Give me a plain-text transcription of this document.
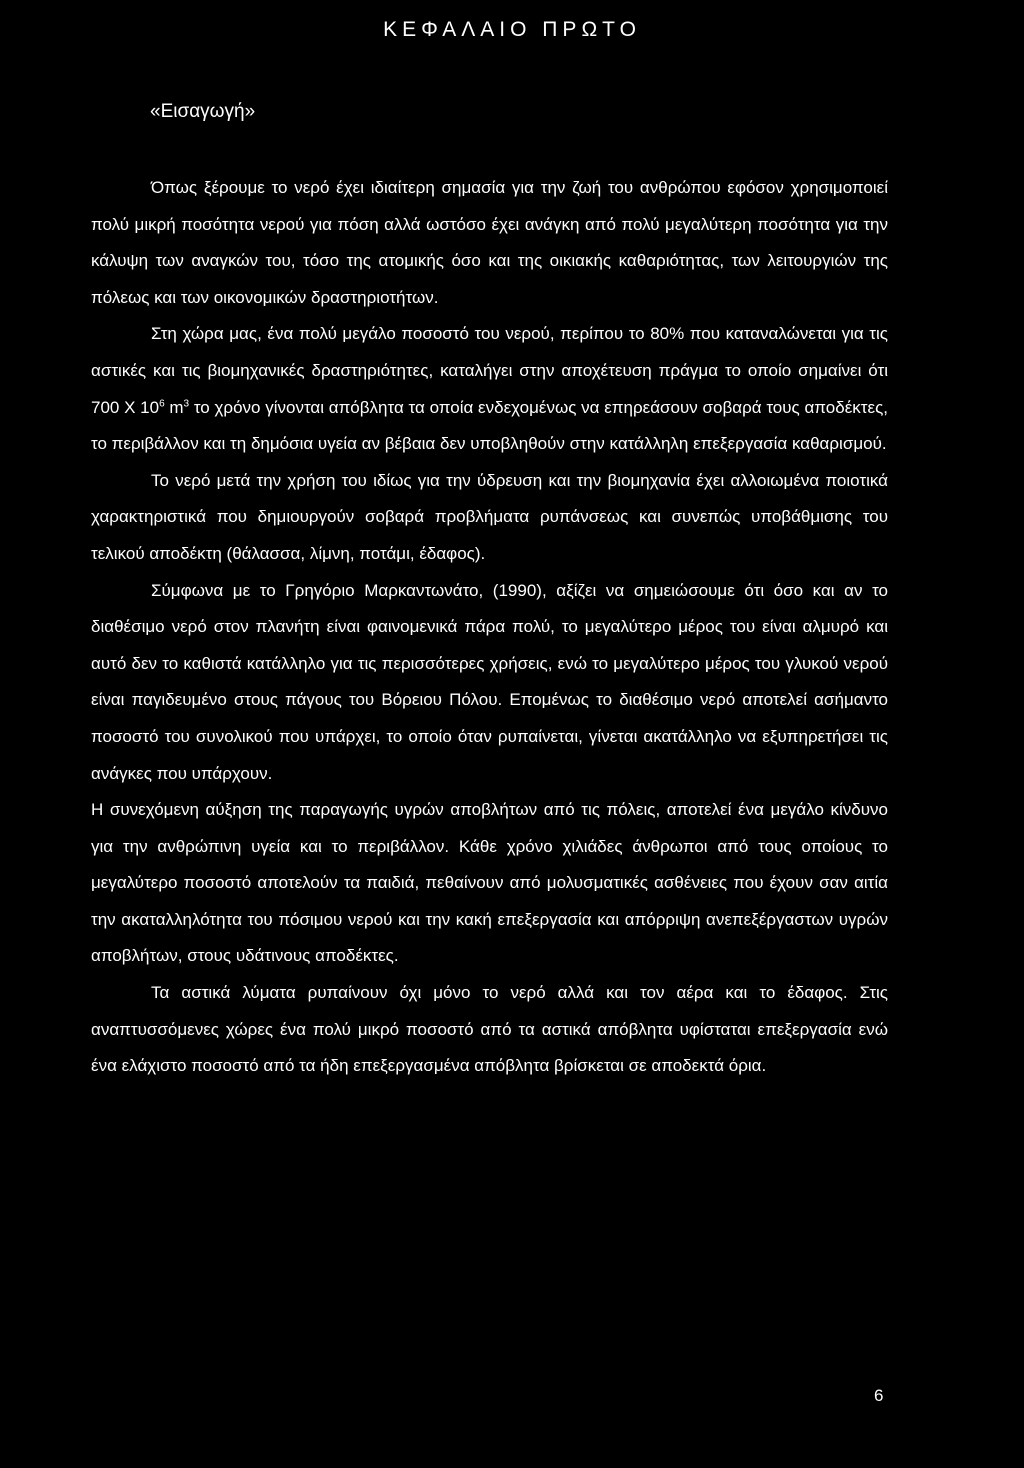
ΚΕΦΑΛΑΙΟ ΠΡΩΤΟ
«Εισαγωγή»

Όπως ξέρουμε το νερό έχει ιδιαίτερη σημασία για την ζωή του ανθρώπου εφόσον χρησιμοποιεί πολύ μικρή ποσότητα νερού για πόση αλλά ωστόσο έχει ανάγκη από πολύ μεγαλύτερη ποσότητα για την κάλυψη των αναγκών του, τόσο της ατομικής όσο και της οικιακής καθαριότητας, των λειτουργιών της πόλεως και των οικονομικών δραστηριοτήτων.

Στη χώρα μας, ένα πολύ μεγάλο ποσοστό του νερού, περίπου το 80% που καταναλώνεται για τις αστικές και τις βιομηχανικές δραστηριότητες, καταλήγει στην αποχέτευση πράγμα το οποίο σημαίνει ότι 700 X $10^6$ $m^3$ το χρόνο γίνονται απόβλητα τα οποία ενδεχομένως να επηρεάσουν σοβαρά τους αποδέκτες, το περιβάλλον και τη δημόσια υγεία αν βέβαια δεν υποβληθούν στην κατάλληλη επεξεργασία καθαρισμού.

Το νερό μετά την χρήση του ιδίως για την ύδρευση και την βιομηχανία έχει αλλοιωμένα ποιοτικά χαρακτηριστικά που δημιουργούν σοβαρά προβλήματα ρυπάνσεως και συνεπώς υποβάθμισης του τελικού αποδέκτη (θάλασσα, λίμνη, ποτάμι, έδαφος).

Σύμφωνα με το Γρηγόριο Μαρκαντωνάτο, (1990), αξίζει να σημειώσουμε ότι όσο και αν το διαθέσιμο νερό στον πλανήτη είναι φαινομενικά πάρα πολύ, το μεγαλύτερο μέρος του είναι αλμυρό και αυτό δεν το καθιστά κατάλληλο για τις περισσότερες χρήσεις, ενώ το μεγαλύτερο μέρος του γλυκού νερού είναι παγιδευμένο στους πάγους του Βόρειου Πόλου. Επομένως το διαθέσιμο νερό αποτελεί ασήμαντο ποσοστό του συνολικού που υπάρχει, το οποίο όταν ρυπαίνεται, γίνεται ακατάλληλο να εξυπηρετήσει τις ανάγκες που υπάρχουν.

Η συνεχόμενη αύξηση της παραγωγής υγρών αποβλήτων από τις πόλεις, αποτελεί ένα μεγάλο κίνδυνο για την ανθρώπινη υγεία και το περιβάλλον. Κάθε χρόνο χιλιάδες άνθρωποι από τους οποίους το μεγαλύτερο ποσοστό αποτελούν τα παιδιά, πεθαίνουν από μολυσματικές ασθένειες που έχουν σαν αιτία την ακαταλληλότητα του πόσιμου νερού και την κακή επεξεργασία και απόρριψη ανεπεξέργαστων υγρών αποβλήτων, στους υδάτινους αποδέκτες.

Τα αστικά λύματα ρυπαίνουν όχι μόνο το νερό αλλά και τον αέρα και το έδαφος. Στις αναπτυσσόμενες χώρες ένα πολύ μικρό ποσοστό από τα αστικά απόβλητα υφίσταται επεξεργασία ενώ ένα ελάχιστο ποσοστό από τα ήδη επεξεργασμένα απόβλητα βρίσκεται σε αποδεκτά όρια.

6
